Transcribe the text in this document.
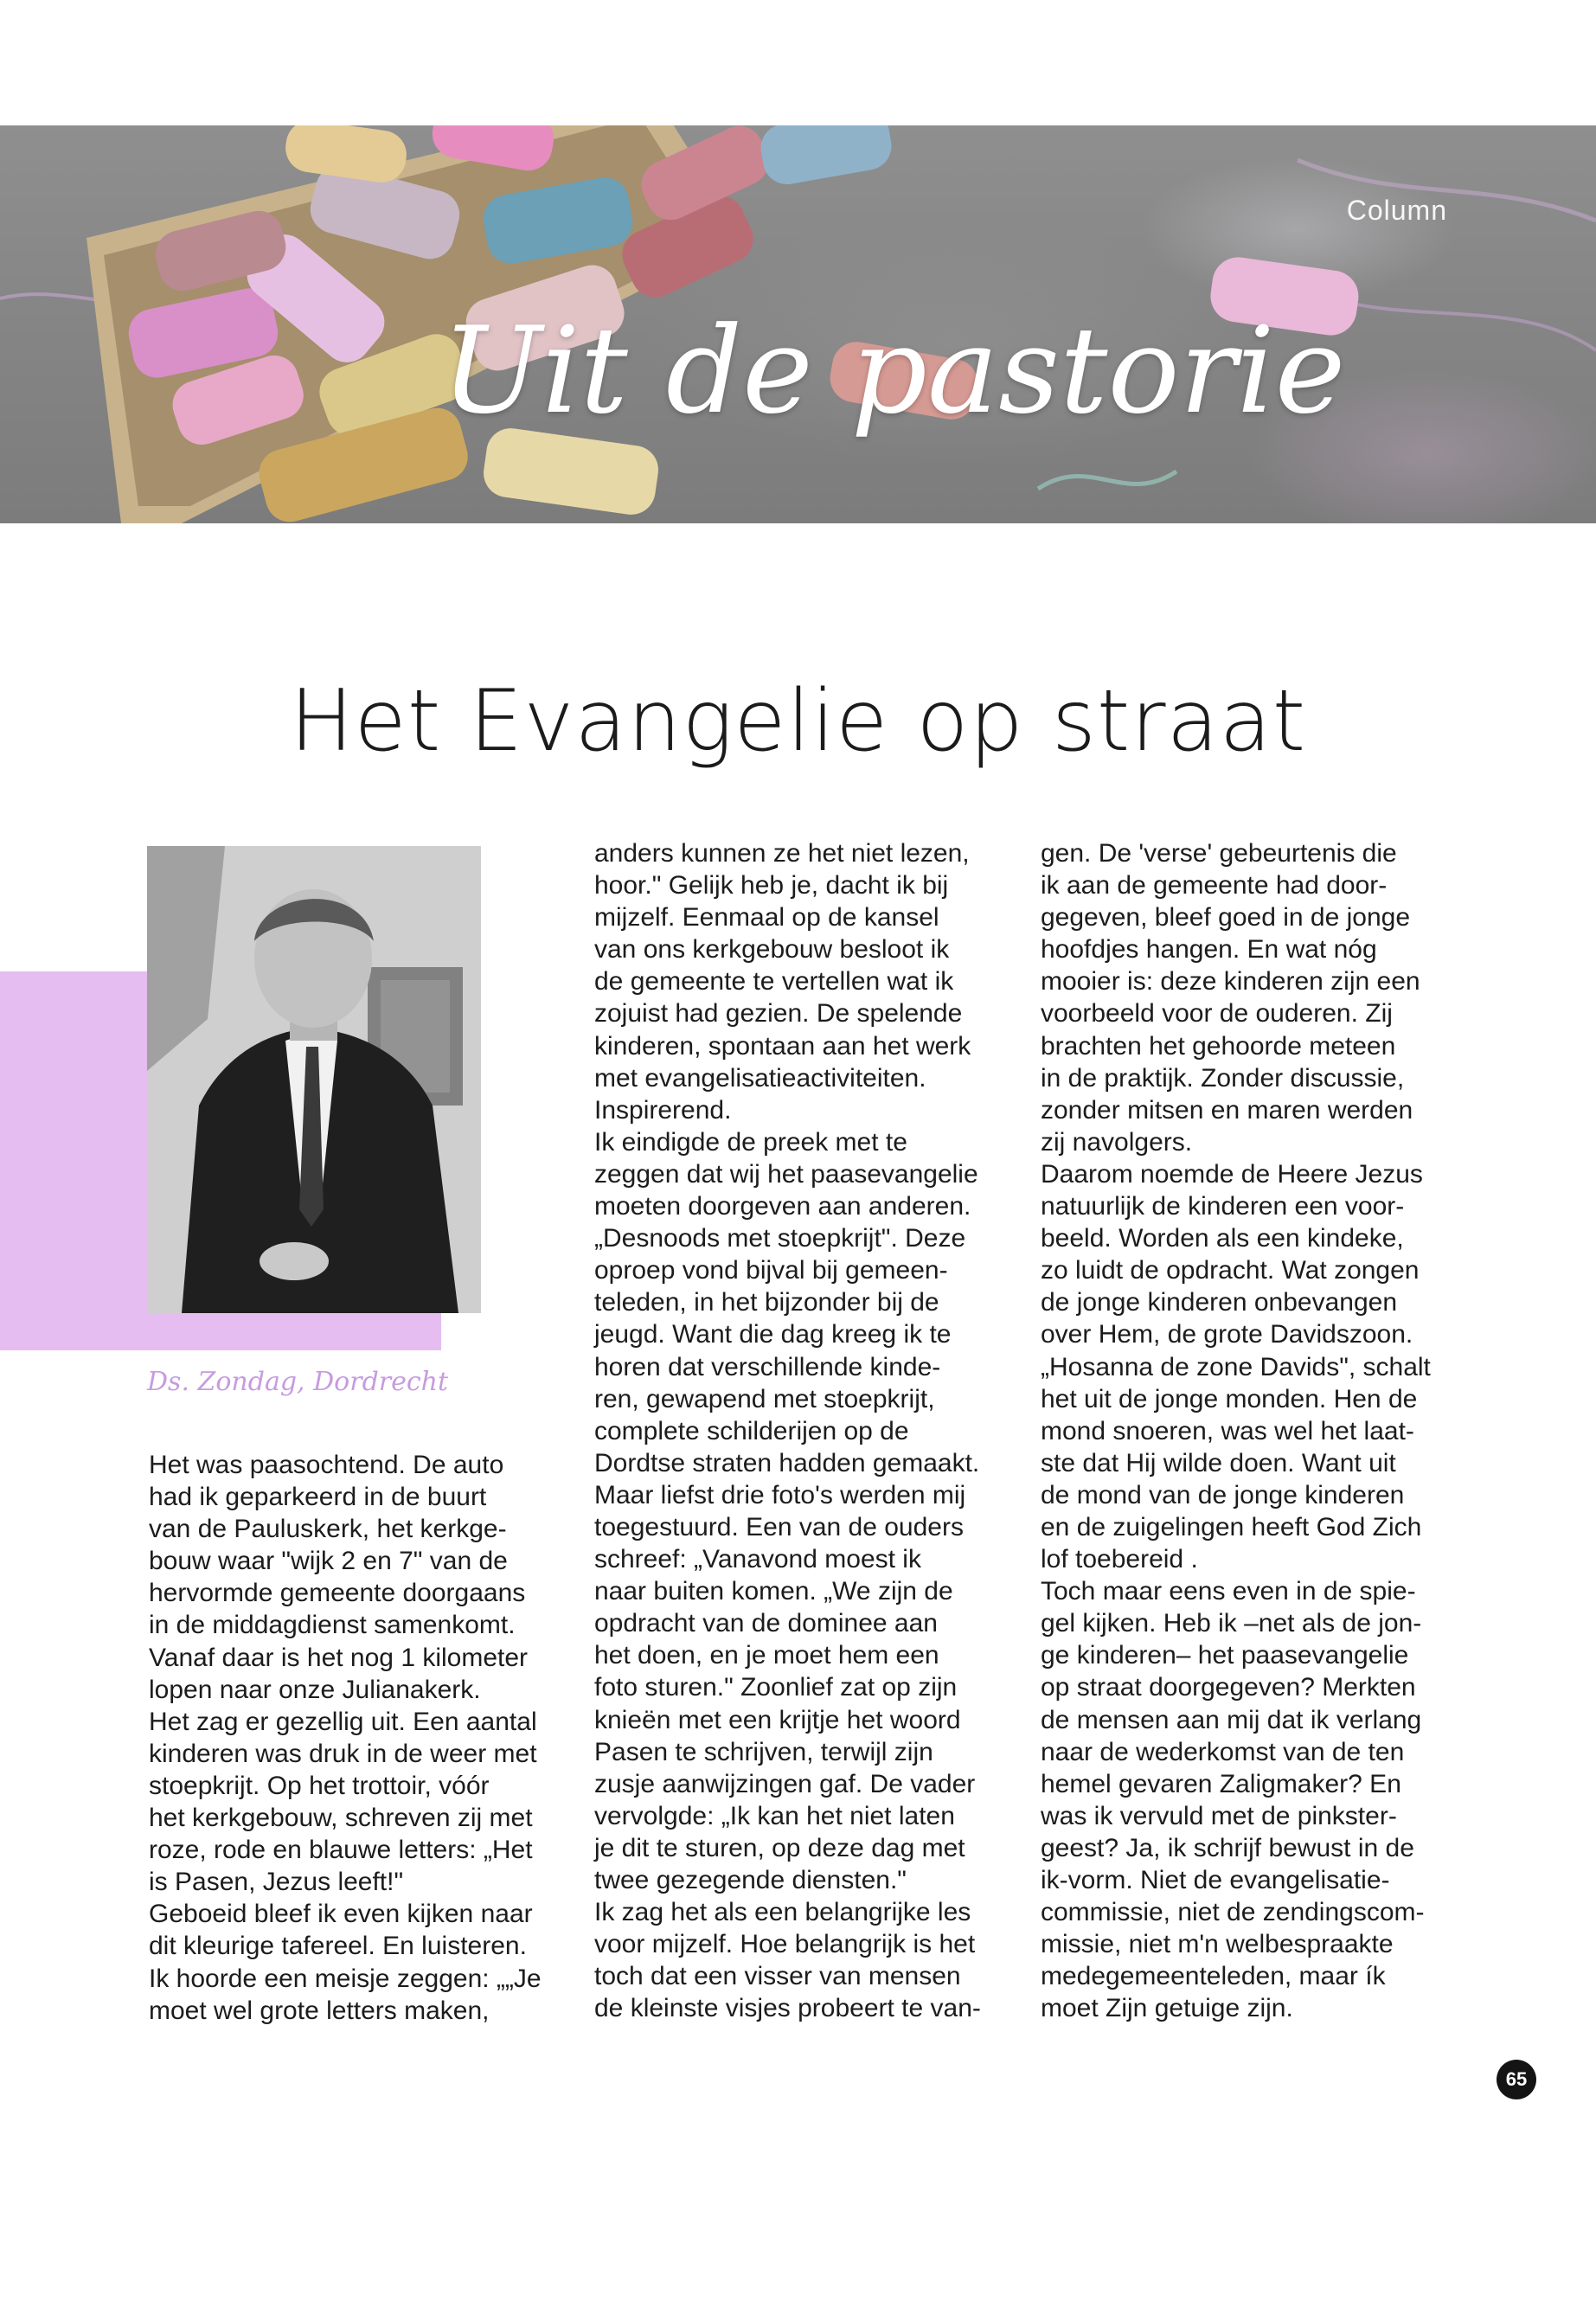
Column
Uit de pastorie
Het Evangelie op straat
Ds. Zondag, Dordrecht

Het was paasochtend. De auto
had ik geparkeerd in de buurt
van de Pauluskerk, het kerkge-
bouw waar "wijk 2 en 7" van de
hervormde gemeente doorgaans
in de middagdienst samenkomt.
Vanaf daar is het nog 1 kilometer
lopen naar onze Julianakerk.
Het zag er gezellig uit. Een aantal
kinderen was druk in de weer met
stoepkrijt. Op het trottoir, vóór
het kerkgebouw, schreven zij met
roze, rode en blauwe letters: „Het
is Pasen, Jezus leeft!"
Geboeid bleef ik even kijken naar
dit kleurige tafereel. En luisteren.
Ik hoorde een meisje zeggen: „„Je
moet wel grote letters maken,

anders kunnen ze het niet lezen,
hoor." Gelijk heb je, dacht ik bij
mijzelf. Eenmaal op de kansel
van ons kerkgebouw besloot ik
de gemeente te vertellen wat ik
zojuist had gezien. De spelende
kinderen, spontaan aan het werk
met evangelisatieactiviteiten.
Inspirerend.
Ik eindigde de preek met te
zeggen dat wij het paasevangelie
moeten doorgeven aan anderen.
„Desnoods met stoepkrijt". Deze
oproep vond bijval bij gemeen-
teleden, in het bijzonder bij de
jeugd. Want die dag kreeg ik te
horen dat verschillende kinde-
ren, gewapend met stoepkrijt,
complete schilderijen op de
Dordtse straten hadden gemaakt.
Maar liefst drie foto's werden mij
toegestuurd. Een van de ouders
schreef: „Vanavond moest ik
naar buiten komen. „We zijn de
opdracht van de dominee aan
het doen, en je moet hem een
foto sturen." Zoonlief zat op zijn
knieën met een krijtje het woord
Pasen te schrijven, terwijl zijn
zusje aanwijzingen gaf. De vader
vervolgde: „Ik kan het niet laten
je dit te sturen, op deze dag met
twee gezegende diensten."
Ik zag het als een belangrijke les
voor mijzelf. Hoe belangrijk is het
toch dat een visser van mensen
de kleinste visjes probeert te van-

gen. De 'verse' gebeurtenis die
ik aan de gemeente had door-
gegeven, bleef goed in de jonge
hoofdjes hangen. En wat nóg
mooier is: deze kinderen zijn een
voorbeeld voor de ouderen. Zij
brachten het gehoorde meteen
in de praktijk. Zonder discussie,
zonder mitsen en maren werden
zij navolgers.
Daarom noemde de Heere Jezus
natuurlijk de kinderen een voor-
beeld. Worden als een kindeke,
zo luidt de opdracht. Wat zongen
de jonge kinderen onbevangen
over Hem, de grote Davidszoon.
„Hosanna de zone Davids", schalt
het uit de jonge monden. Hen de
mond snoeren, was wel het laat-
ste dat Hij wilde doen. Want uit
de mond van de jonge kinderen
en de zuigelingen heeft God Zich
lof toebereid .
Toch maar eens even in de spie-
gel kijken. Heb ik –net als de jon-
ge kinderen– het paasevangelie
op straat doorgegeven? Merkten
de mensen aan mij dat ik verlang
naar de wederkomst van de ten
hemel gevaren Zaligmaker? En
was ik vervuld met de pinkster-
geest? Ja, ik schrijf bewust in de
ik-vorm. Niet de evangelisatie-
commissie, niet de zendingscom-
missie, niet m'n welbespraakte
medegemeenteleden, maar ík
moet Zijn getuige zijn.

65
